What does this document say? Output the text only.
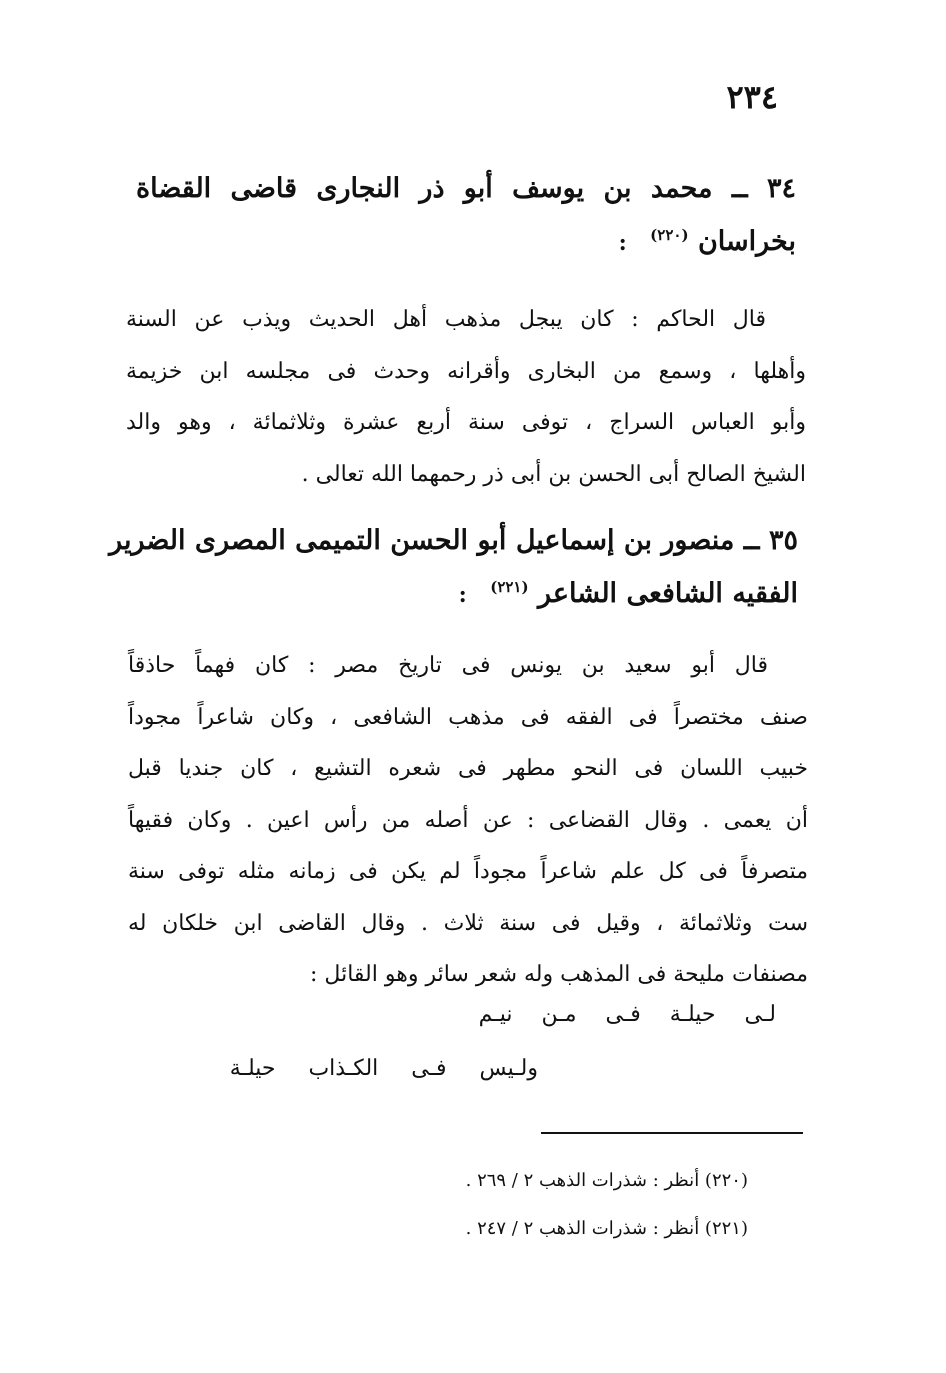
٢٣٤
٣٤ ــ محمد بن يوسف أبو ذر النجارى قاضى القضاة
بخراسان $^{(٢٢٠)}$ :
قال الحاكم : كان يبجل مذهب أهل الحديث ويذب عن السنة
وأهلها ، وسمع من البخارى وأقرانه وحدث فى مجلسه ابن خزيمة
وأبو العباس السراج ، توفى سنة أربع عشرة وثلاثمائة ، وهو والد
الشيخ الصالح أبى الحسن بن أبى ذر رحمهما الله تعالى .
٣٥ ــ منصور بن إسماعيل أبو الحسن التميمى المصرى الضرير
الفقيه الشافعى الشاعر $^{(٢٢١)}$ :
قال أبو سعيد بن يونس فى تاريخ مصر : كان فهماً حاذقاً
صنف مختصراً فى الفقه فى مذهب الشافعى ، وكان شاعراً مجوداً
خبيب اللسان فى النحو مطهر فى شعره التشيع ، كان جنديا قبل
أن يعمى . وقال القضاعى : عن أصله من رأس اعين . وكان فقيهاً
متصرفاً فى كل علم شاعراً مجوداً لم يكن فى زمانه مثله توفى سنة
ست وثلاثمائة ، وقيل فى سنة ثلاث . وقال القاضى ابن خلكان له
مصنفات مليحة فى المذهب وله شعر سائر وهو القائل :
لـى حيلـة فـى مـن نيـم
ولـيس فـى الكـذاب حيلـة
(٢٢٠) أنظر : شذرات الذهب ٢ / ٢٦٩ .
(٢٢١) أنظر : شذرات الذهب ٢ / ٢٤٧ .
